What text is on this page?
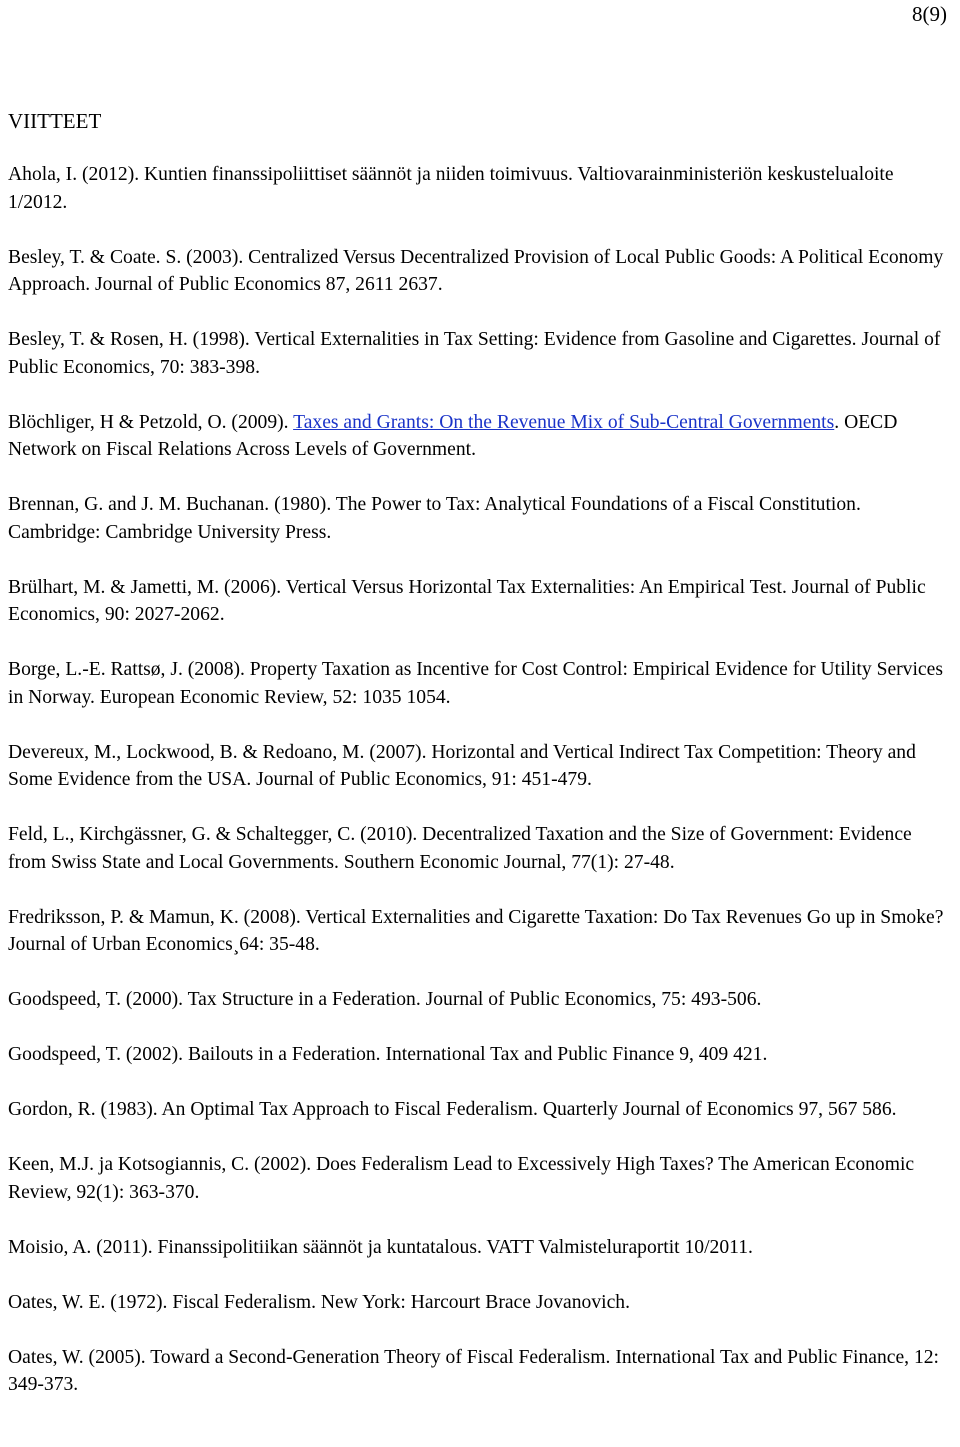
8(9)
VIITTEET

Ahola, I. (2012). Kuntien finanssipoliittiset säännöt ja niiden toimivuus. Valtiovarainministeriön keskustelualoite 1/2012.

Besley, T. & Coate. S. (2003). Centralized Versus Decentralized Provision of Local Public Goods: A Political Economy Approach. Journal of Public Economics 87, 2611 2637.

Besley, T. & Rosen, H. (1998). Vertical Externalities in Tax Setting: Evidence from Gasoline and Cigarettes. Journal of Public Economics, 70: 383-398.

Blöchliger, H & Petzold, O. (2009). Taxes and Grants: On the Revenue Mix of Sub-Central Governments. OECD Network on Fiscal Relations Across Levels of Government.

Brennan, G. and J. M. Buchanan. (1980). The Power to Tax: Analytical Foundations of a Fiscal Constitution. Cambridge: Cambridge University Press.

Brülhart, M. & Jametti, M. (2006). Vertical Versus Horizontal Tax Externalities: An Empirical Test. Journal of Public Economics, 90: 2027-2062.

Borge, L.-E. Rattsø, J. (2008). Property Taxation as Incentive for Cost Control: Empirical Evidence for Utility Services in Norway. European Economic Review, 52: 1035 1054.

Devereux, M., Lockwood, B. & Redoano, M. (2007). Horizontal and Vertical Indirect Tax Competition: Theory and Some Evidence from the USA. Journal of Public Economics, 91: 451-479.

Feld, L., Kirchgässner, G. & Schaltegger, C. (2010). Decentralized Taxation and the Size of Government: Evidence from Swiss State and Local Governments. Southern Economic Journal, 77(1): 27-48.

Fredriksson, P. & Mamun, K. (2008). Vertical Externalities and Cigarette Taxation: Do Tax Revenues Go up in Smoke? Journal of Urban Economics¸64: 35-48.

Goodspeed, T. (2000). Tax Structure in a Federation. Journal of Public Economics, 75: 493-506.

Goodspeed, T. (2002). Bailouts in a Federation. International Tax and Public Finance 9, 409 421.

Gordon, R. (1983). An Optimal Tax Approach to Fiscal Federalism. Quarterly Journal of Economics 97, 567 586.

Keen, M.J. ja Kotsogiannis, C. (2002). Does Federalism Lead to Excessively High Taxes? The American Economic Review, 92(1): 363-370.

Moisio, A. (2011). Finanssipolitiikan säännöt ja kuntatalous. VATT Valmisteluraportit 10/2011.

Oates, W. E. (1972). Fiscal Federalism. New York: Harcourt Brace Jovanovich.

Oates, W. (2005). Toward a Second-Generation Theory of Fiscal Federalism. International Tax and Public Finance, 12: 349-373.
